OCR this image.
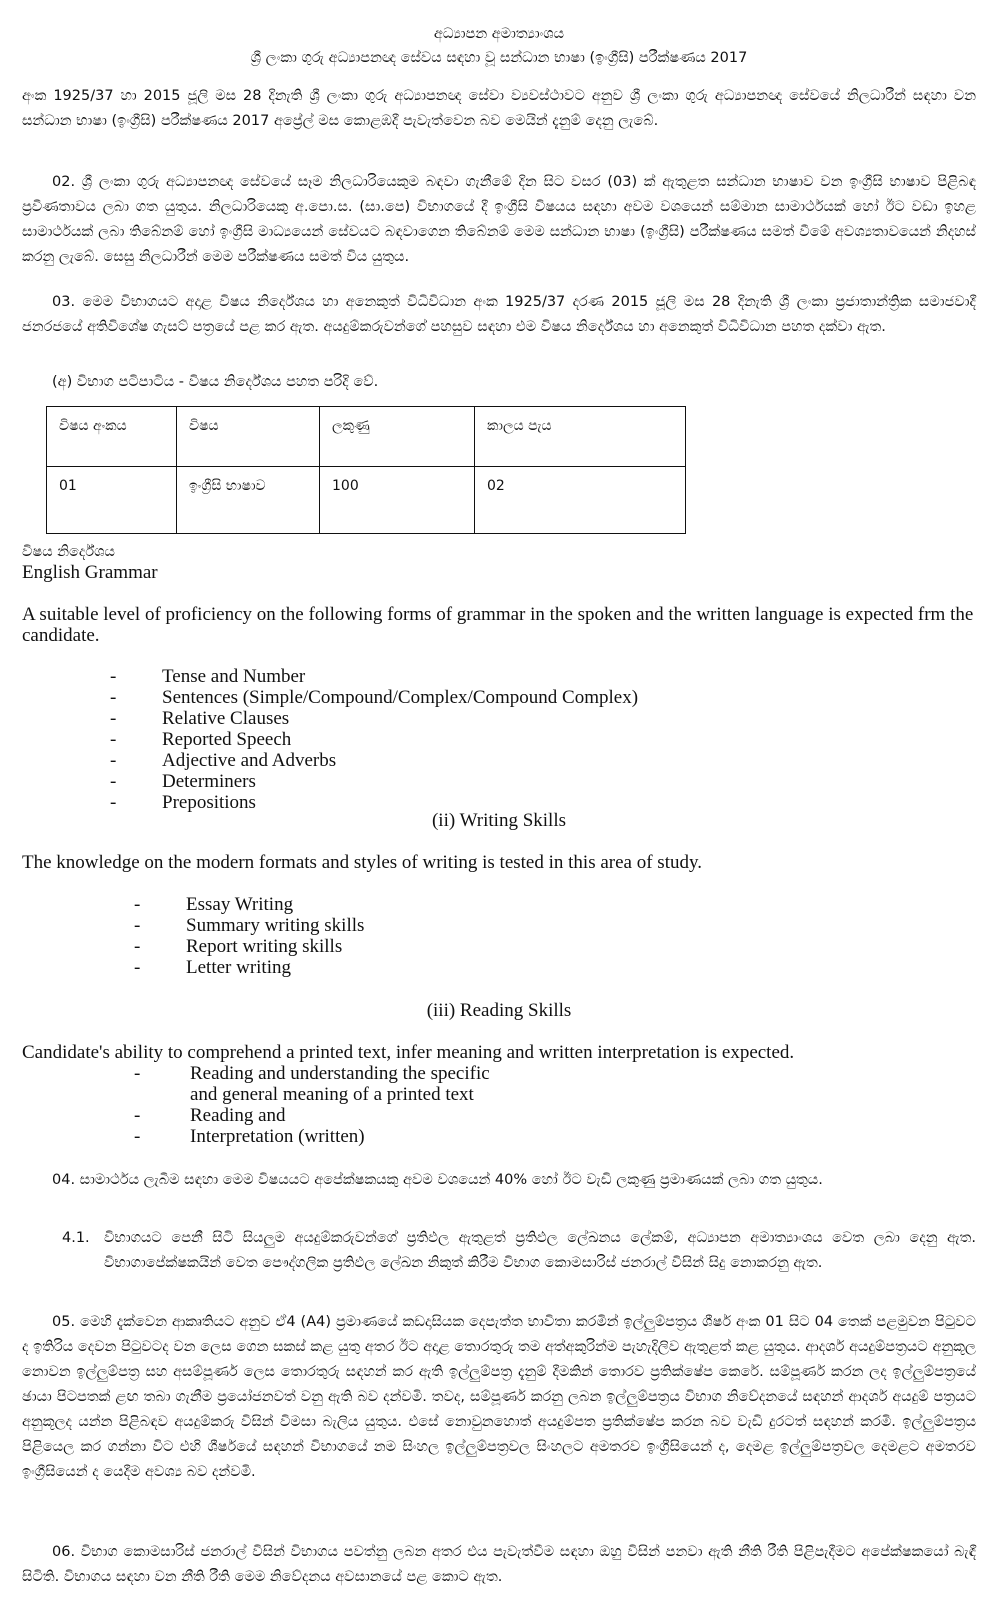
අධ්‍යාපන අමාත්‍යාංශය
ශ්‍රී ලංකා ගුරු අධ්‍යාපනඥ සේවය සඳහා වූ සන්ධාන භාෂා (ඉංග්‍රීසි) පරීක්ෂණය 2017

අංක 1925/37 හා 2015 ජූලි මස 28 දිනැති ශ්‍රී ලංකා ගුරු අධ්‍යාපනඥ සේවා ව්‍යවස්ථාවට අනුව ශ්‍රී ලංකා ගුරු අධ්‍යාපනඥ සේවයේ නිලධාරීන් සඳහා වන සන්ධාන භාෂා (ඉංග්‍රීසි) පරීක්ෂණය 2017 අප්‍රේල් මස කොළඹදී පැවැත්වෙන බව මෙයින් දැනුම් දෙනු ලැබේ.

02. ශ්‍රී ලංකා ගුරු අධ්‍යාපනඥ සේවයේ සෑම නිලධාරියෙකුම බඳවා ගැනීමේ දින සිට වසර (03) ක් ඇතුළත සන්ධාන භාෂාව වන ඉංග්‍රීසි භාෂාව පිළිබඳ ප්‍රවීණතාවය ලබා ගත යුතුය. නිලධාරියෙකු අ.පො.ස. (සා.පෙ) විභාගයේ දී ඉංග්‍රීසි විෂයය සඳහා අවම වශයෙන් සම්මාන සාමාර්ථයක් හෝ ඊට වඩා ඉහළ සාමාර්ථයක් ලබා තිබේනම් හෝ ඉංග්‍රීසි මාධ්‍යයෙන් සේවයට බඳවාගෙන තිබේනම් මෙම සන්ධාන භාෂා (ඉංග්‍රීසි) පරීක්ෂණය සමත් වීමේ අවශ්‍යතාවයෙන් නිදහස් කරනු ලැබේ. සෙසු නිලධාරීන් මෙම පරීක්ෂණය සමත් විය යුතුය.

03. මෙම විභාගයට අදාළ විෂය නිර්දේශය හා අනෙකුත් විධිවිධාන අංක 1925/37 දරණ 2015 ජූලි මස 28 දිනැති ශ්‍රී ලංකා ප්‍රජාතාන්ත්‍රික සමාජවාදී ජනරජයේ අතිවිශේෂ ගැසට් පත්‍රයේ පළ කර ඇත. අයදුම්කරුවන්ගේ පහසුව සඳහා එම විෂය නිර්දේශය හා අනෙකුත් විධිවිධාන පහත දක්වා ඇත.

(අ) විභාග පටිපාටිය - විෂය නිර්දේශය පහත පරිදි වේ.
විෂය අංකය	විෂය	ලකුණු	කාලය පැය
01	ඉංග්‍රීසි භාෂාව	100	02
විෂය නිර්දේශය
English Grammar

A suitable level of proficiency on the following forms of grammar in the spoken and the written language is expected frm the candidate.

- Tense and Number
- Sentences (Simple/Compound/Complex/Compound Complex)
- Relative Clauses
- Reported Speech
- Adjective and Adverbs
- Determiners
- Prepositions
(ii) Writing Skills
The knowledge on the modern formats and styles of writing is tested in this area of study.
- Essay Writing
- Summary writing skills
- Report writing skills
- Letter writing
(iii) Reading Skills
Candidate's ability to comprehend a printed text, infer meaning and written interpretation is expected.
-	Reading and understanding the specific
and general meaning of a printed text
-	Reading and
-	Interpretation (written)

04. සාමාර්ථය ලැබීම සඳහා මෙම විෂයයට අපේක්ෂකයකු අවම වශයෙන් 40% හෝ ඊට වැඩි ලකුණු ප්‍රමාණයක් ලබා ගත යුතුය.

4.1. විභාගයට පෙනී සිටි සියලුම අයදුම්කරුවන්ගේ ප්‍රතිඵල ඇතුළත් ප්‍රතිඵල ලේඛනය ලේකම්, අධ්‍යාපන අමාත්‍යාංශය වෙත ලබා දෙනු ඇත. විභාගාපේක්ෂකයින් වෙත පෞද්ගලික ප්‍රතිඵල ලේඛන නිකුත් කිරීම විභාග කොමසාරිස් ජනරාල් විසින් සිදු නොකරනු ඇත.

05. මෙහි දැක්වෙන ආකෘතියට අනුව ඒ4 (A4) ප්‍රමාණයේ කඩදාසියක දෙපැත්ත භාවිතා කරමින් ඉල්ලුම්පත්‍රය ශීර්ෂ අංක 01 සිට 04 තෙක් පළමුවන පිටුවට ද ඉතිරිය දෙවන පිටුවටද වන ලෙස ගෙන සකස් කළ යුතු අතර ඊට අදාළ තොරතුරු තම අත්අකුරින්ම පැහැදිලිව ඇතුළත් කළ යුතුය. ආදර්ශ අයදුම්පත්‍රයට අනුකූල නොවන ඉල්ලුම්පත්‍ර සහ අසම්පූර්ණ ලෙස තොරතුරු සඳහන් කර ඇති ඉල්ලුම්පත්‍ර දැනුම් දීමකින් තොරව ප්‍රතික්ෂේප කෙරේ. සම්පූර්ණ කරන ලද ඉල්ලුම්පත්‍රයේ ඡායා පිටපතක් ළඟ තබා ගැනීම ප්‍රයෝජනවත් වනු ඇති බව දන්වමි. තවද, සම්පූර්ණ කරනු ලබන ඉල්ලුම්පත්‍රය විභාග නිවේදනයේ සඳහන් ආදර්ශ අයදුම් පත්‍රයට අනුකූලද යන්න පිළිබඳව අයදුම්කරු විසින් විමසා බැලිය යුතුය. එසේ නොවුනහොත් අයදුම්පත ප්‍රතික්ෂේප කරන බව වැඩි දුරටත් සඳහන් කරමි. ඉල්ලුම්පත්‍රය පිළියෙල කර ගන්නා විට එහි ශීර්ෂයේ සඳහන් විභාගයේ නම සිංහල ඉල්ලුම්පත්‍රවල සිංහලට අමතරව ඉංග්‍රීසියෙන් ද, දෙමළ ඉල්ලුම්පත්‍රවල දෙමළට අමතරව ඉංග්‍රීසියෙන් ද යෙදීම අවශ්‍ය බව දන්වමි.

06. විභාග කොමසාරිස් ජනරාල් විසින් විභාගය පවත්නු ලබන අතර එය පැවැත්වීම සඳහා ඔහු විසින් පනවා ඇති නීති රීති පිළිපැදීමට අපේක්ෂකයෝ බැඳී සිටිති. විභාගය සඳහා වන නීති රීති මෙම නිවේදනය අවසානයේ පළ කොට ඇත.
